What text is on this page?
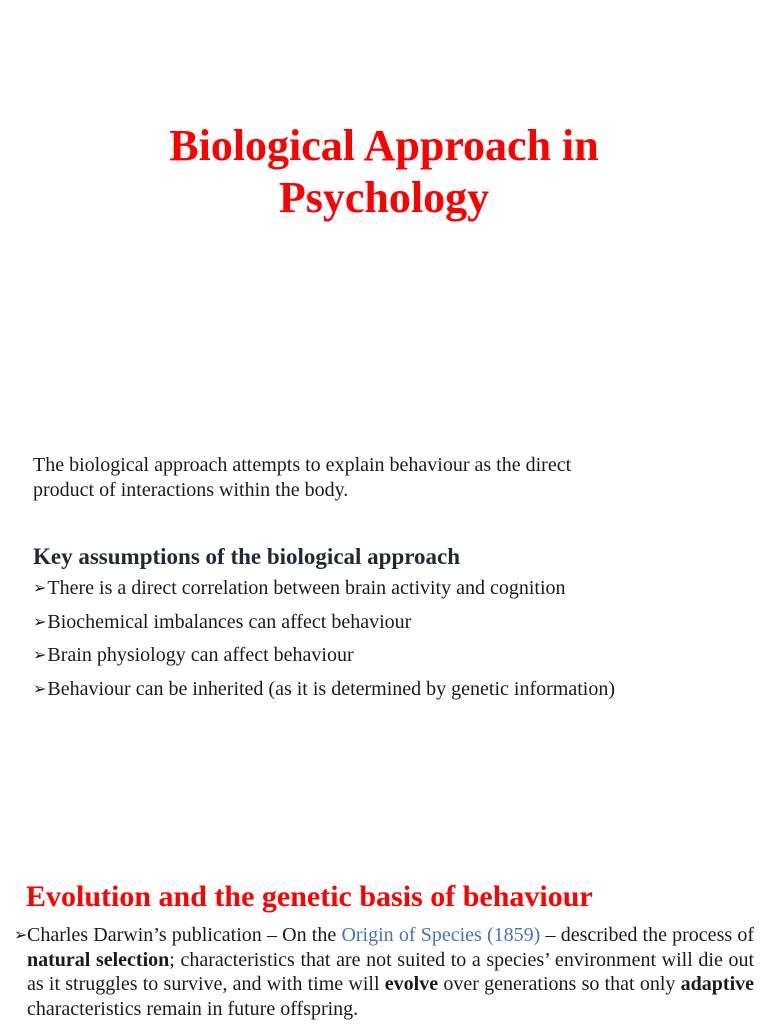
Biological Approach in
Psychology

The biological approach attempts to explain behaviour as the direct
product of interactions within the body.

Key assumptions of the biological approach
➢There is a direct correlation between brain activity and cognition
➢Biochemical imbalances can affect behaviour
➢Brain physiology can affect behaviour
➢Behaviour can be inherited (as it is determined by genetic information)
Evolution and the genetic basis of behaviour

➢ Charles Darwin’s publication – On the Origin of Species (1859) – described the process of natural selection; characteristics that are not suited to a species’ environment will die out as it struggles to survive, and with time will evolve over generations so that only adaptive characteristics remain in future offspring.
